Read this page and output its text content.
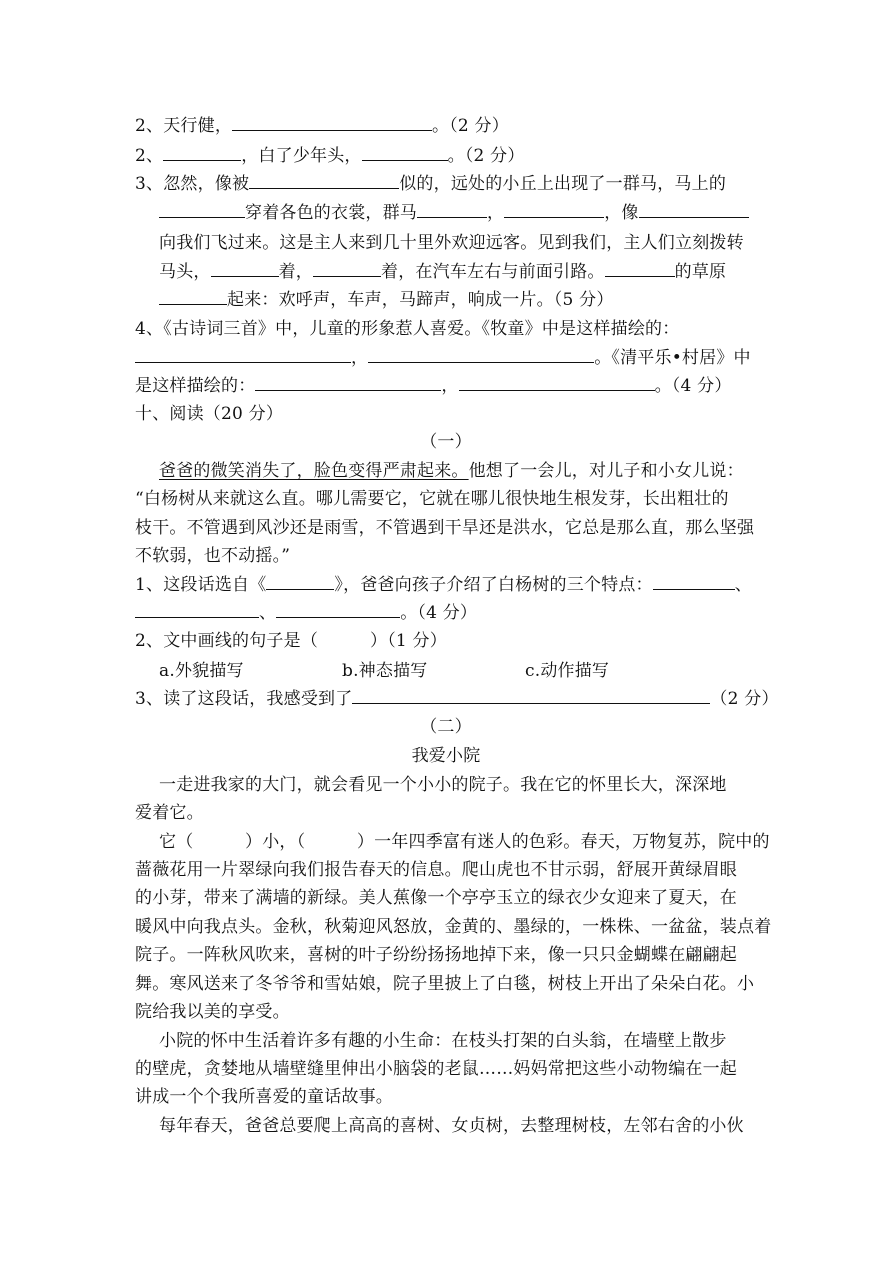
2、天行健，	。（2 分）
2、	，白了少年头，	。（2 分）
3、忽然，像被	似的，远处的小丘上出现了一群马，马上的
穿着各色的衣裳，群马	，	，像
向我们飞过来。这是主人来到几十里外欢迎远客。见到我们，主人们立刻拨转
马头，	着，	着，在汽车左右与前面引路。	的草原
起来：欢呼声，车声，马蹄声，响成一片。（5 分）
4、《古诗词三首》中，儿童的形象惹人喜爱。《牧童》中是这样描绘的：
，	。《清平乐•村居》中
是这样描绘的：	，	。（4 分）
十、阅读（20 分）
（一）
爸爸的微笑消失了，脸色变得严肃起来。他想了一会儿，对儿子和小女儿说：
“白杨树从来就这么直。哪儿需要它，它就在哪儿很快地生根发芽，长出粗壮的
枝干。不管遇到风沙还是雨雪，不管遇到干旱还是洪水，它总是那么直，那么坚强
不软弱，也不动摇。”
1、这段话选自《	》，爸爸向孩子介绍了白杨树的三个特点：	、
、	。（4 分）
2、文中画线的句子是（	）（1 分）
a.外貌描写	b.神态描写	c.动作描写
3、读了这段话，我感受到了	（2 分）
（二）
我爱小院
一走进我家的大门，就会看见一个小小的院子。我在它的怀里长大，深深地
爱着它。
它（　　　）小，（　　　）一年四季富有迷人的色彩。春天，万物复苏，院中的
蔷薇花用一片翠绿向我们报告春天的信息。爬山虎也不甘示弱，舒展开黄绿眉眼
的小芽，带来了满墙的新绿。美人蕉像一个亭亭玉立的绿衣少女迎来了夏天，在
暖风中向我点头。金秋，秋菊迎风怒放，金黄的、墨绿的，一株株、一盆盆，装点着
院子。一阵秋风吹来，喜树的叶子纷纷扬扬地掉下来，像一只只金蝴蝶在翩翩起
舞。寒风送来了冬爷爷和雪姑娘，院子里披上了白毯，树枝上开出了朵朵白花。小
院给我以美的享受。
小院的怀中生活着许多有趣的小生命：在枝头打架的白头翁，在墙壁上散步
的壁虎，贪婪地从墙壁缝里伸出小脑袋的老鼠……妈妈常把这些小动物编在一起
讲成一个个我所喜爱的童话故事。
每年春天，爸爸总要爬上高高的喜树、女贞树，去整理树枝，左邻右舍的小伙
